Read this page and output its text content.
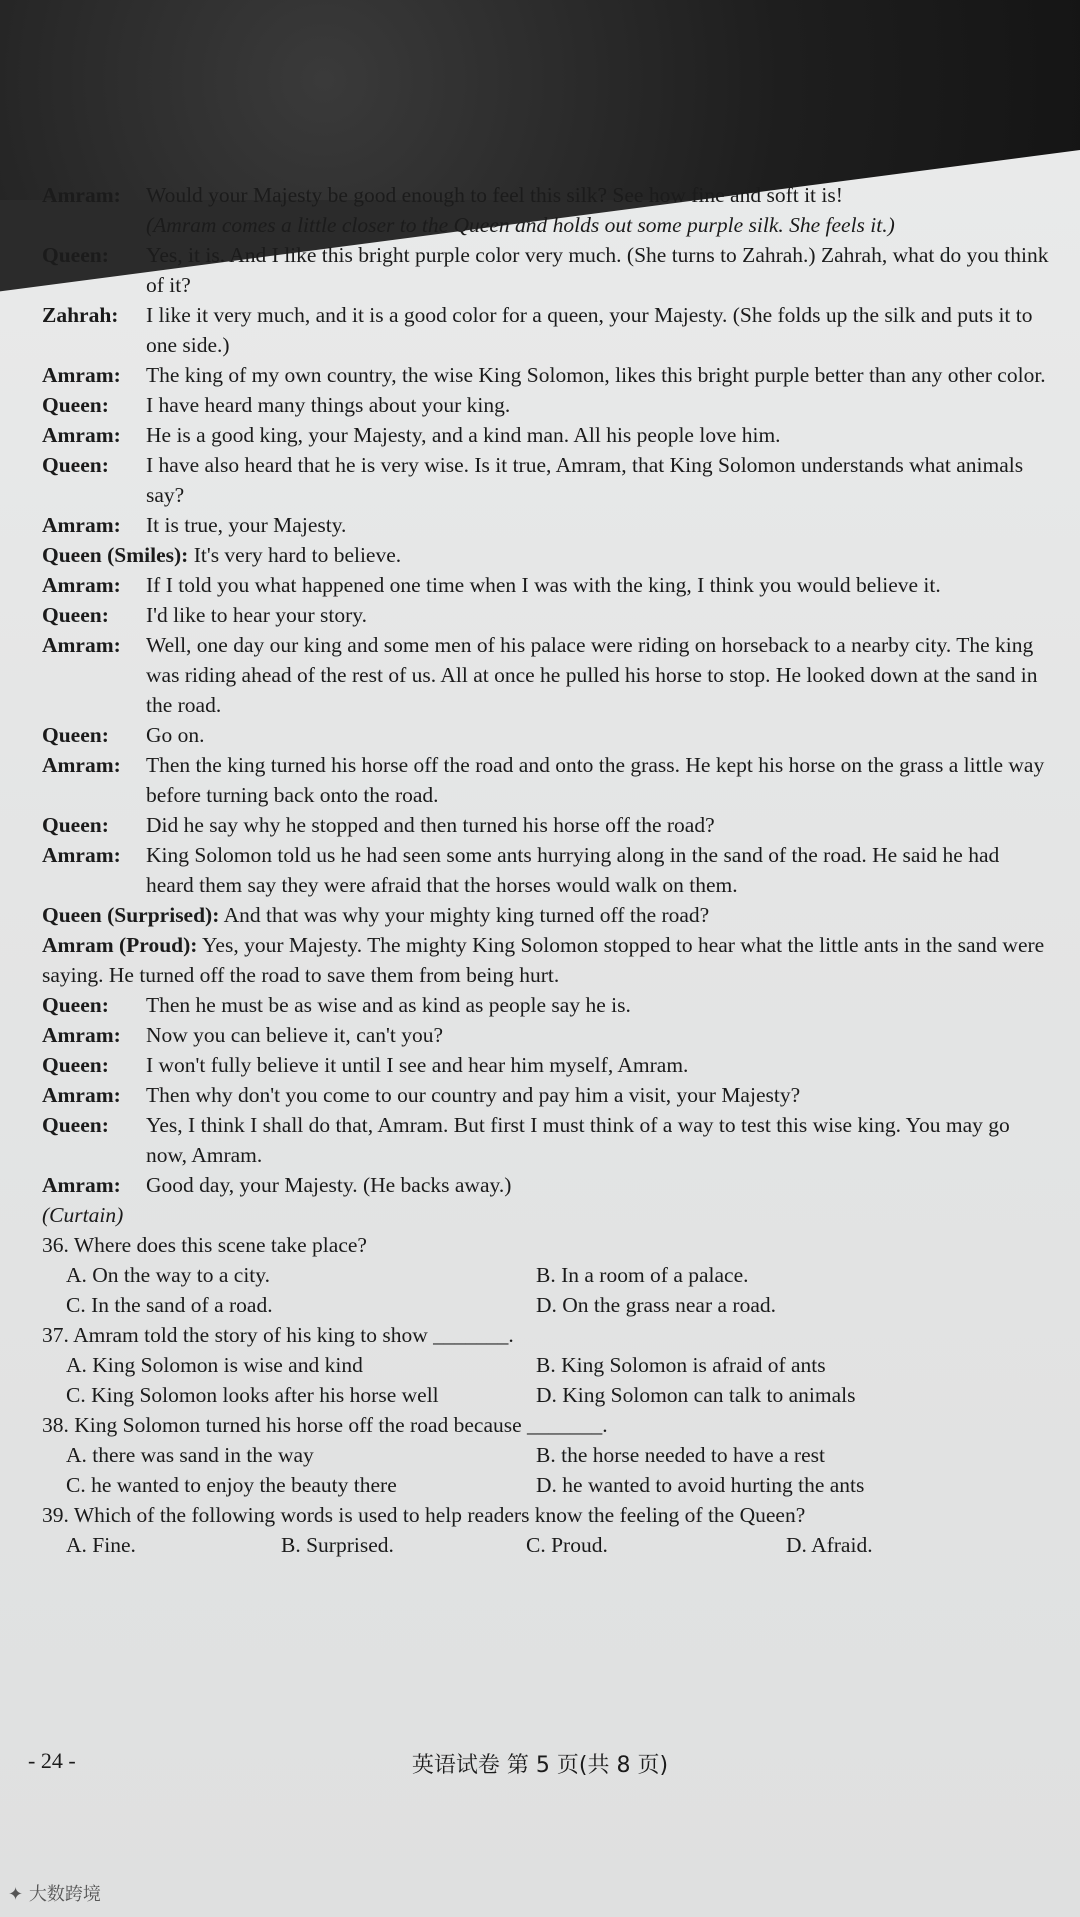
Amram: Would your Majesty be good enough to feel this silk? See how fine and soft it is!

(Amram comes a little closer to the Queen and holds out some purple silk. She feels it.)

Queen: Yes, it is. And I like this bright purple color very much. (She turns to Zahrah.) Zahrah, what do you think of it?

Zahrah: I like it very much, and it is a good color for a queen, your Majesty. (She folds up the silk and puts it to one side.)

Amram: The king of my own country, the wise King Solomon, likes this bright purple better than any other color.

Queen: I have heard many things about your king.

Amram: He is a good king, your Majesty, and a kind man. All his people love him.

Queen: I have also heard that he is very wise. Is it true, Amram, that King Solomon understands what animals say?

Amram: It is true, your Majesty.

Queen (Smiles): It's very hard to believe.

Amram: If I told you what happened one time when I was with the king, I think you would believe it.

Queen: I'd like to hear your story.

Amram: Well, one day our king and some men of his palace were riding on horseback to a nearby city. The king was riding ahead of the rest of us. All at once he pulled his horse to stop. He looked down at the sand in the road.

Queen: Go on.

Amram: Then the king turned his horse off the road and onto the grass. He kept his horse on the grass a little way before turning back onto the road.

Queen: Did he say why he stopped and then turned his horse off the road?

Amram: King Solomon told us he had seen some ants hurrying along in the sand of the road. He said he had heard them say they were afraid that the horses would walk on them.

Queen (Surprised): And that was why your mighty king turned off the road?

Amram (Proud): Yes, your Majesty. The mighty King Solomon stopped to hear what the little ants in the sand were saying. He turned off the road to save them from being hurt.

Queen: Then he must be as wise and as kind as people say he is.

Amram: Now you can believe it, can't you?

Queen: I won't fully believe it until I see and hear him myself, Amram.

Amram: Then why don't you come to our country and pay him a visit, your Majesty?

Queen: Yes, I think I shall do that, Amram. But first I must think of a way to test this wise king. You may go now, Amram.

Amram: Good day, your Majesty. (He backs away.)

(Curtain)

36. Where does this scene take place?

A. On the way to a city.	B. In a room of a palace.
C. In the sand of a road.	D. On the grass near a road.

37. Amram told the story of his king to show _______.

A. King Solomon is wise and kind	B. King Solomon is afraid of ants
C. King Solomon looks after his horse well	D. King Solomon can talk to animals

38. King Solomon turned his horse off the road because _______.

A. there was sand in the way	B. the horse needed to have a rest
C. he wanted to enjoy the beauty there	D. he wanted to avoid hurting the ants

39. Which of the following words is used to help readers know the feeling of the Queen?

A. Fine.	B. Surprised.	C. Proud.	D. Afraid.
- 24 -	英语试卷 第 5 页(共 8 页)
✦ 大数跨境
